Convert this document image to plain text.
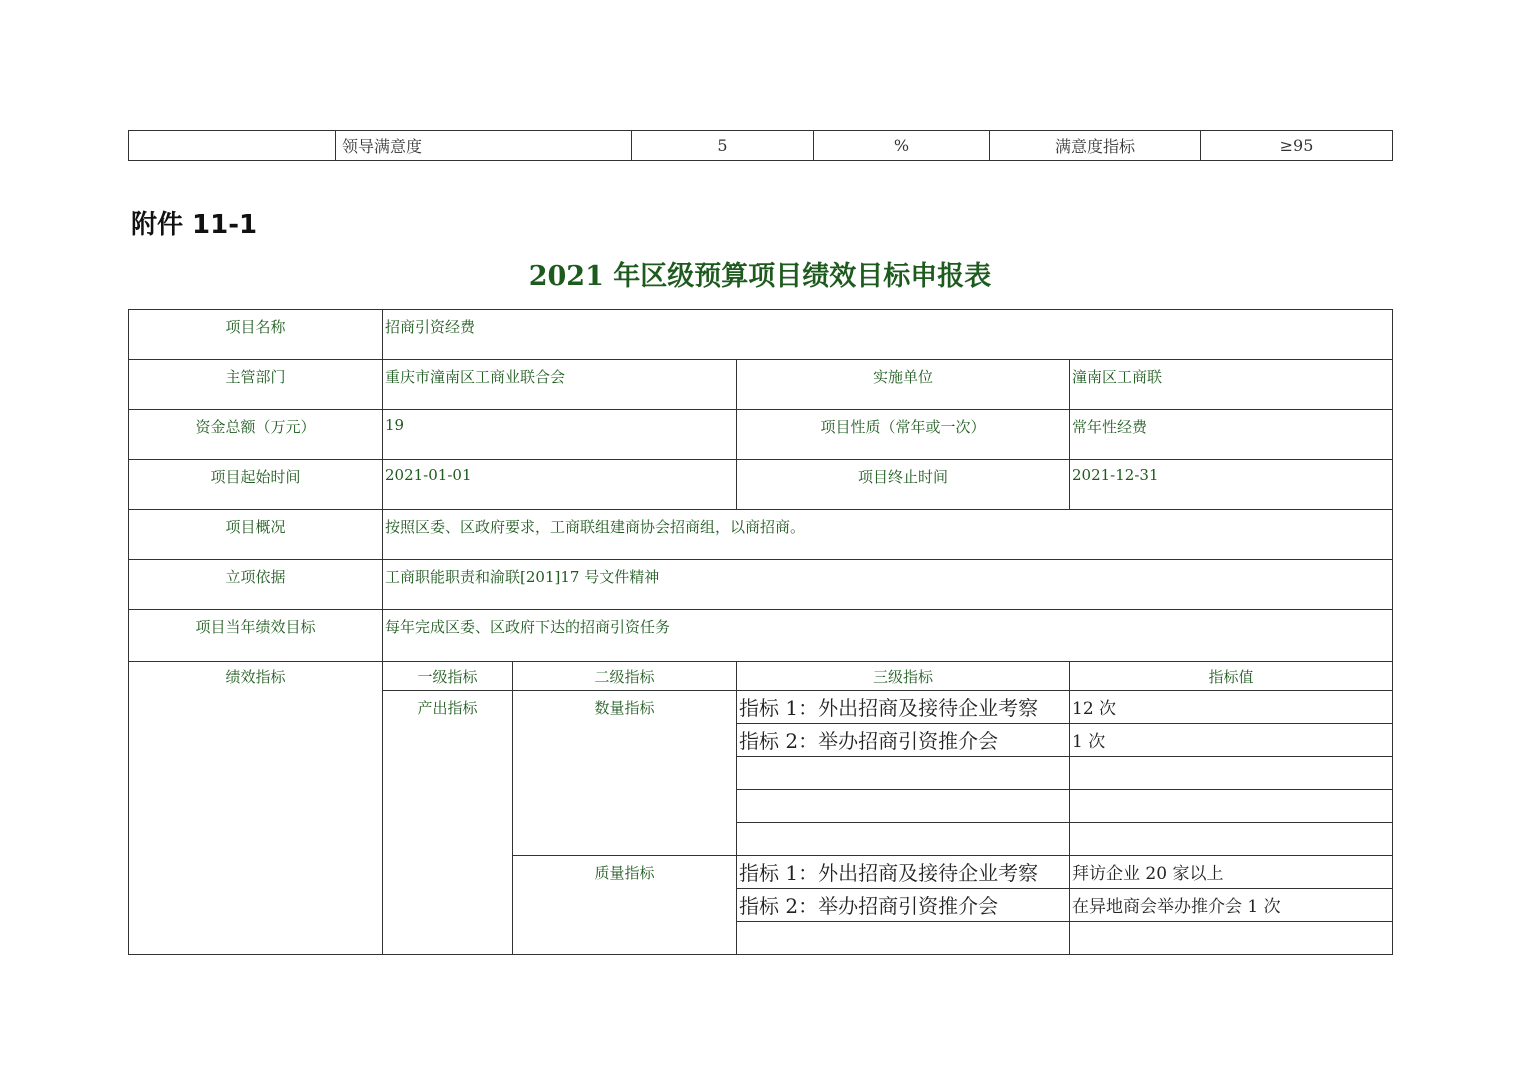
	领导满意度	5	%	满意度指标	≥95
附件 11-1
2021 年区级预算项目绩效目标申报表
项目名称	招商引资经费			
主管部门	重庆市潼南区工商业联合会		实施单位	潼南区工商联
资金总额（万元）	19		项目性质（常年或一次）	常年性经费
项目起始时间	2021-01-01		项目终止时间	2021-12-31
项目概况	按照区委、区政府要求，工商联组建商协会招商组，以商招商。			
立项依据	工商职能职责和渝联[201]17 号文件精神			
项目当年绩效目标	每年完成区委、区政府下达的招商引资任务			
绩效指标	一级指标	二级指标	三级指标	指标值
	产出指标	数量指标	指标 1：外出招商及接待企业考察	12 次
			指标 2：举办招商引资推介会	1 次

		质量指标	指标 1：外出招商及接待企业考察	拜访企业 20 家以上
			指标 2：举办招商引资推介会	在异地商会举办推介会 1 次
